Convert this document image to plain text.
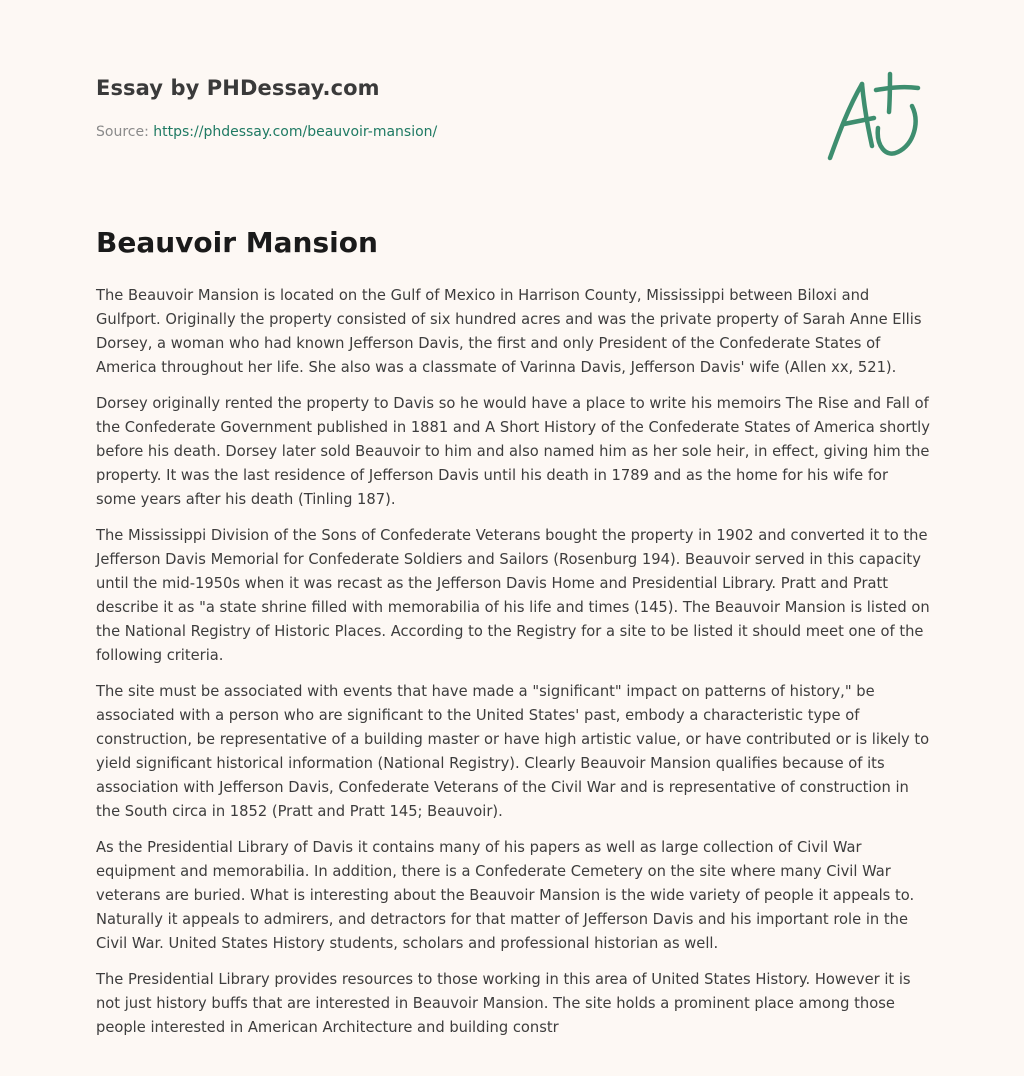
Essay by PHDessay.com
Source: https://phdessay.com/beauvoir-mansion/
Beauvoir Mansion

The Beauvoir Mansion is located on the Gulf of Mexico in Harrison County, Mississippi between Biloxi and Gulfport. Originally the property consisted of six hundred acres and was the private property of Sarah Anne Ellis Dorsey, a woman who had known Jefferson Davis, the first and only President of the Confederate States of America throughout her life. She also was a classmate of Varinna Davis, Jefferson Davis' wife (Allen xx, 521).

Dorsey originally rented the property to Davis so he would have a place to write his memoirs The Rise and Fall of the Confederate Government published in 1881 and A Short History of the Confederate States of America shortly before his death. Dorsey later sold Beauvoir to him and also named him as her sole heir, in effect, giving him the property. It was the last residence of Jefferson Davis until his death in 1789 and as the home for his wife for some years after his death (Tinling 187).

The Mississippi Division of the Sons of Confederate Veterans bought the property in 1902 and converted it to the Jefferson Davis Memorial for Confederate Soldiers and Sailors (Rosenburg 194). Beauvoir served in this capacity until the mid-1950s when it was recast as the Jefferson Davis Home and Presidential Library. Pratt and Pratt describe it as "a state shrine filled with memorabilia of his life and times (145). The Beauvoir Mansion is listed on the National Registry of Historic Places. According to the Registry for a site to be listed it should meet one of the following criteria.

The site must be associated with events that have made a "significant" impact on patterns of history," be associated with a person who are significant to the United States' past, embody a characteristic type of construction, be representative of a building master or have high artistic value, or have contributed or is likely to yield significant historical information (National Registry). Clearly Beauvoir Mansion qualifies because of its association with Jefferson Davis, Confederate Veterans of the Civil War and is representative of construction in the South circa in 1852 (Pratt and Pratt 145; Beauvoir).

As the Presidential Library of Davis it contains many of his papers as well as large collection of Civil War equipment and memorabilia. In addition, there is a Confederate Cemetery on the site where many Civil War veterans are buried. What is interesting about the Beauvoir Mansion is the wide variety of people it appeals to. Naturally it appeals to admirers, and detractors for that matter of Jefferson Davis and his important role in the Civil War. United States History students, scholars and professional historian as well.

The Presidential Library provides resources to those working in this area of United States History. However it is not just history buffs that are interested in Beauvoir Mansion. The site holds a prominent place among those people interested in American Architecture and building constr
